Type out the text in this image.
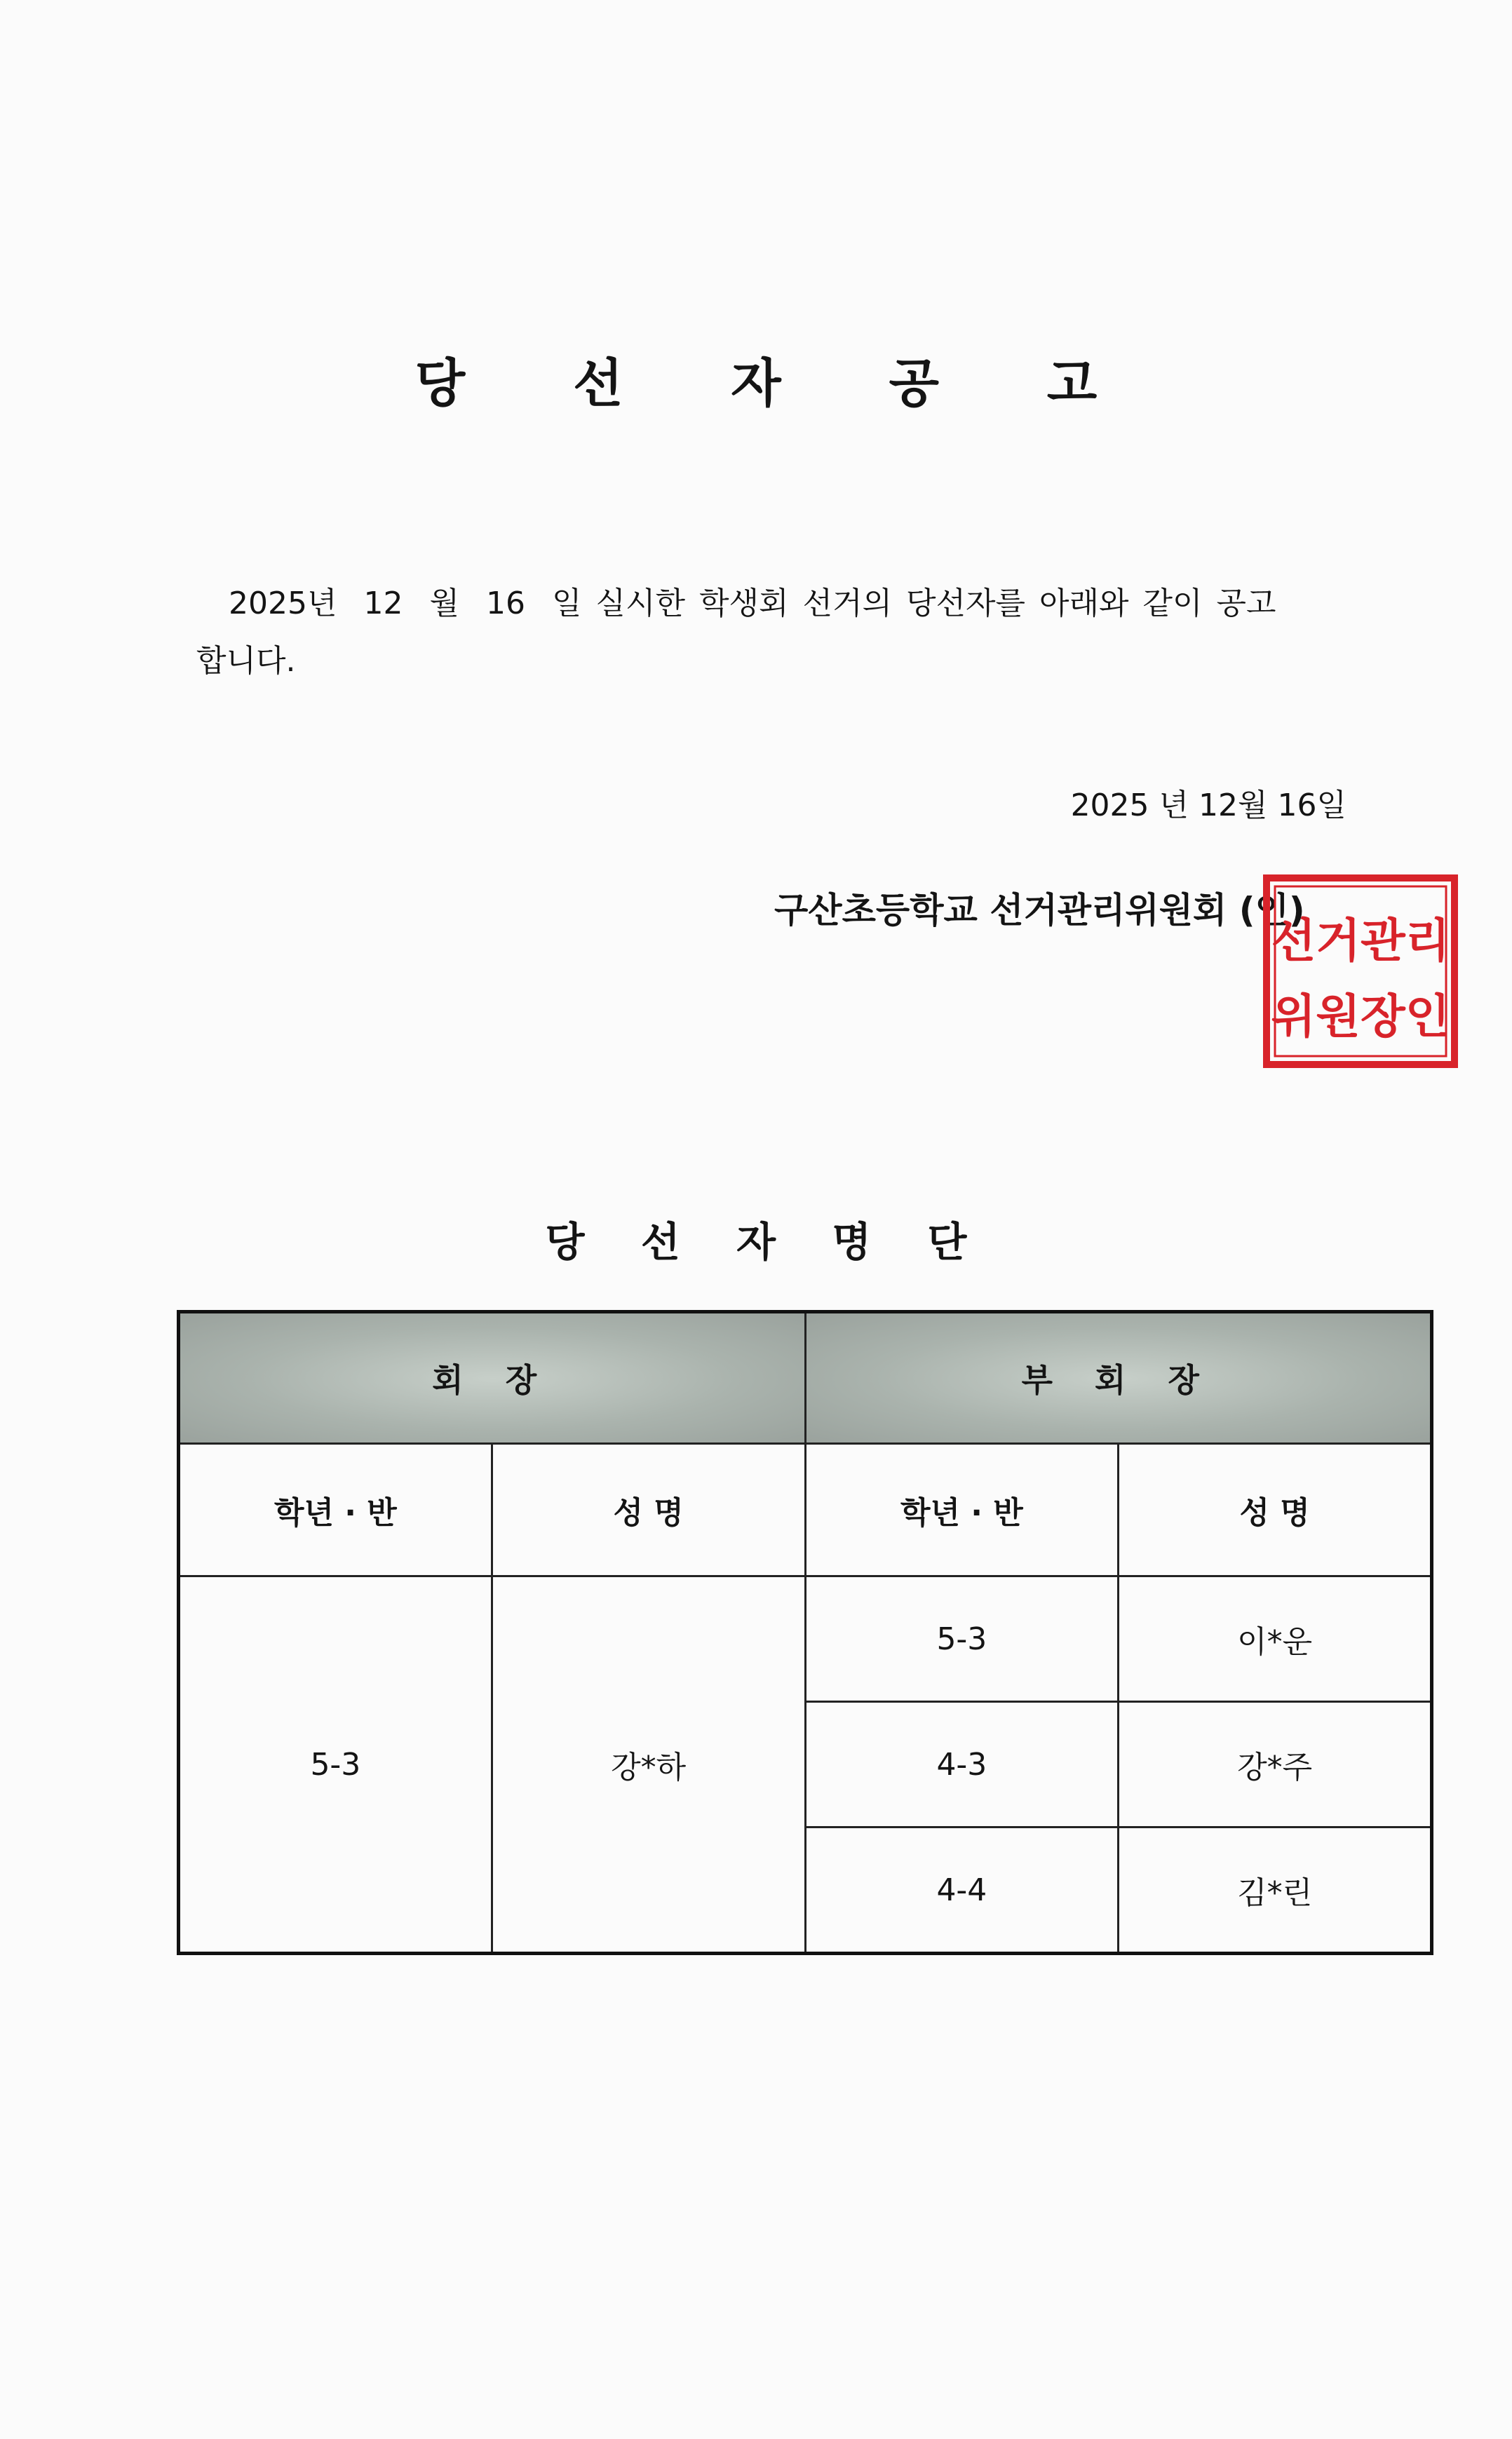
당 선 자 공 고
2025년 12 월 16 일 실시한 학생회 선거의 당선자를 아래와 같이 공고
합니다.
2025 년 12월 16일
구산초등학교 선거관리위원회 (인)
선거관리
위원장인
당 선 자 명 단
회 장		부 회 장	
학년 · 반	성 명	학년 · 반	성 명
5-3	강*하	5-3	이*운
		4-3	강*주
		4-4	김*린
